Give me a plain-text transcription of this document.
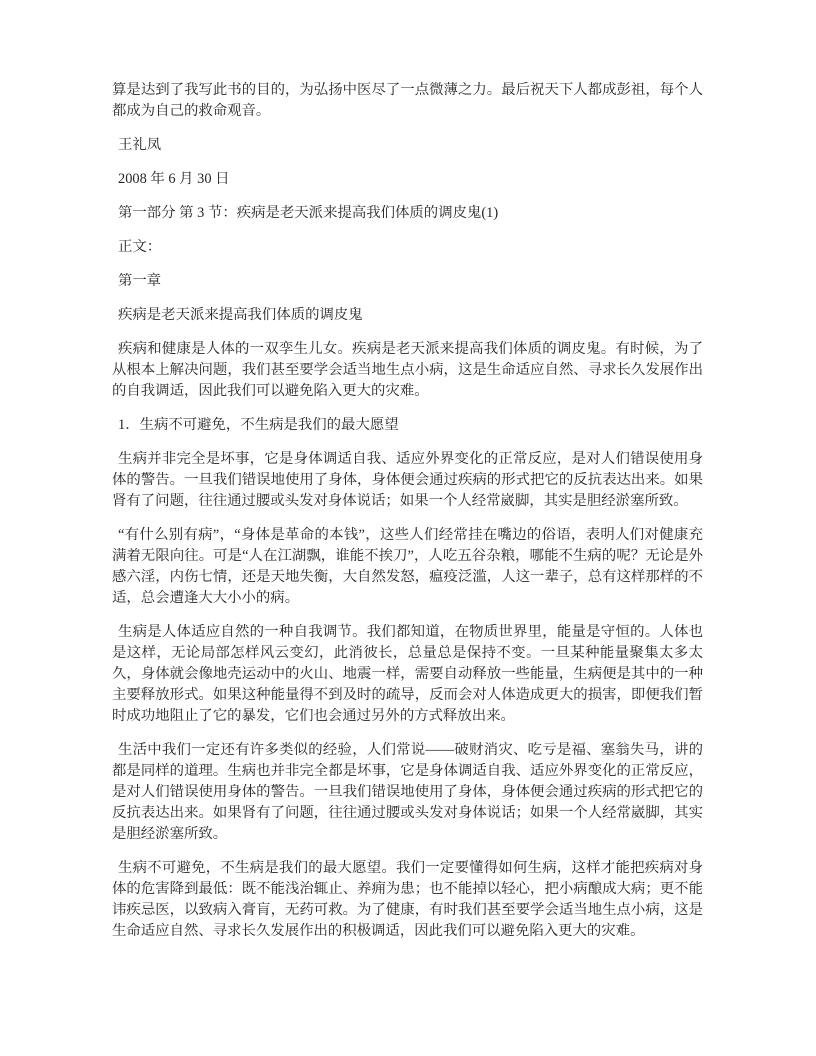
算是达到了我写此书的目的，为弘扬中医尽了一点微薄之力。最后祝天下人都成彭祖，每个人都成为自己的救命观音。

王礼凤

2008 年 6 月 30 日

第一部分 第 3 节：疾病是老天派来提高我们体质的调皮鬼(1)

正文：

第一章

疾病是老天派来提高我们体质的调皮鬼

疾病和健康是人体的一双孪生儿女。疾病是老天派来提高我们体质的调皮鬼。有时候，为了从根本上解决问题，我们甚至要学会适当地生点小病，这是生命适应自然、寻求长久发展作出的自我调适，因此我们可以避免陷入更大的灾难。

1．生病不可避免，不生病是我们的最大愿望

生病并非完全是坏事，它是身体调适自我、适应外界变化的正常反应，是对人们错误使用身体的警告。一旦我们错误地使用了身体，身体便会通过疾病的形式把它的反抗表达出来。如果肾有了问题，往往通过腰或头发对身体说话；如果一个人经常崴脚，其实是胆经淤塞所致。

“有什么别有病”，“身体是革命的本钱”，这些人们经常挂在嘴边的俗语，表明人们对健康充满着无限向往。可是“人在江湖飘，谁能不挨刀”，人吃五谷杂粮，哪能不生病的呢？无论是外感六淫，内伤七情，还是天地失衡，大自然发怒，瘟疫泛滥，人这一辈子，总有这样那样的不适，总会遭逢大大小小的病。

生病是人体适应自然的一种自我调节。我们都知道，在物质世界里，能量是守恒的。人体也是这样，无论局部怎样风云变幻，此消彼长，总量总是保持不变。一旦某种能量聚集太多太久，身体就会像地壳运动中的火山、地震一样，需要自动释放一些能量，生病便是其中的一种主要释放形式。如果这种能量得不到及时的疏导，反而会对人体造成更大的损害，即便我们暂时成功地阻止了它的暴发，它们也会通过另外的方式释放出来。

生活中我们一定还有许多类似的经验，人们常说——破财消灾、吃亏是福、塞翁失马，讲的都是同样的道理。生病也并非完全都是坏事，它是身体调适自我、适应外界变化的正常反应，是对人们错误使用身体的警告。一旦我们错误地使用了身体，身体便会通过疾病的形式把它的反抗表达出来。如果肾有了问题，往往通过腰或头发对身体说话；如果一个人经常崴脚，其实是胆经淤塞所致。

生病不可避免，不生病是我们的最大愿望。我们一定要懂得如何生病，这样才能把疾病对身体的危害降到最低：既不能浅治辄止、养痈为患；也不能掉以轻心，把小病酿成大病；更不能讳疾忌医，以致病入膏肓，无药可救。为了健康，有时我们甚至要学会适当地生点小病，这是生命适应自然、寻求长久发展作出的积极调适，因此我们可以避免陷入更大的灾难。
